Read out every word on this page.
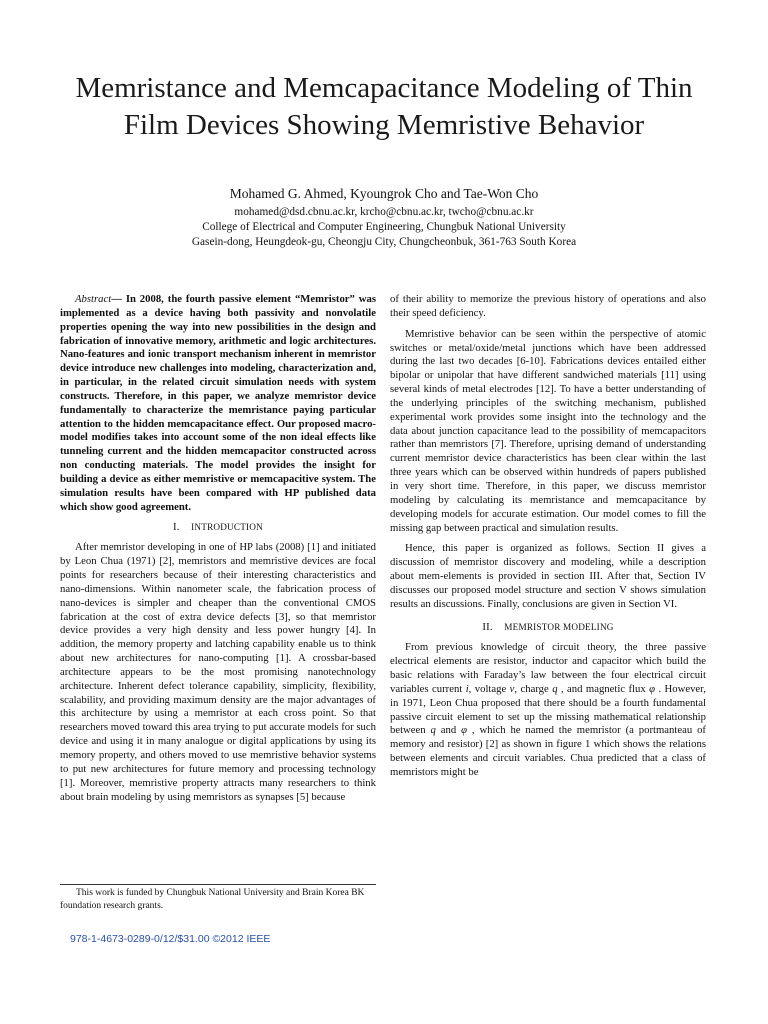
Memristance and Memcapacitance Modeling of Thin
Film Devices Showing Memristive Behavior
Mohamed G. Ahmed, Kyoungrok Cho and Tae-Won Cho
mohamed@dsd.cbnu.ac.kr, krcho@cbnu.ac.kr, twcho@cbnu.ac.kr
College of Electrical and Computer Engineering, Chungbuk National University
Gasein-dong, Heungdeok-gu, Cheongju City, Chungcheonbuk, 361-763 South Korea

Abstract— In 2008, the fourth passive element “Memristor” was implemented as a device having both passivity and nonvolatile properties opening the way into new possibilities in the design and fabrication of innovative memory, arithmetic and logic architectures. Nano-features and ionic transport mechanism inherent in memristor device introduce new challenges into modeling, characterization and, in particular, in the related circuit simulation needs with system constructs. Therefore, in this paper, we analyze memristor device fundamentally to characterize the memristance paying particular attention to the hidden memcapacitance effect. Our proposed macro-model modifies takes into account some of the non ideal effects like tunneling current and the hidden memcapacitor constructed across non conducting materials. The model provides the insight for building a device as either memristive or memcapacitive system. The simulation results have been compared with HP published data which show good agreement.

I. INTRODUCTION

After memristor developing in one of HP labs (2008) [1] and initiated by Leon Chua (1971) [2], memristors and memristive devices are focal points for researchers because of their interesting characteristics and nano-dimensions. Within nanometer scale, the fabrication process of nano-devices is simpler and cheaper than the conventional CMOS fabrication at the cost of extra device defects [3], so that memristor device provides a very high density and less power hungry [4]. In addition, the memory property and latching capability enable us to think about new architectures for nano-computing [1]. A crossbar-based architecture appears to be the most promising nanotechnology architecture. Inherent defect tolerance capability, simplicity, flexibility, scalability, and providing maximum density are the major advantages of this architecture by using a memristor at each cross point. So that researchers moved toward this area trying to put accurate models for such device and using it in many analogue or digital applications by using its memory property, and others moved to use memristive behavior systems to put new architectures for future memory and processing technology [1]. Moreover, memristive property attracts many researchers to think about brain modeling by using memristors as synapses [5] because

of their ability to memorize the previous history of operations and also their speed deficiency.

Memristive behavior can be seen within the perspective of atomic switches or metal/oxide/metal junctions which have been addressed during the last two decades [6-10]. Fabrications devices entailed either bipolar or unipolar that have different sandwiched materials [11] using several kinds of metal electrodes [12]. To have a better understanding of the underlying principles of the switching mechanism, published experimental work provides some insight into the technology and the data about junction capacitance lead to the possibility of memcapacitors rather than memristors [7]. Therefore, uprising demand of understanding current memristor device characteristics has been clear within the last three years which can be observed within hundreds of papers published in very short time. Therefore, in this paper, we discuss memristor modeling by calculating its memristance and memcapacitance by developing models for accurate estimation. Our model comes to fill the missing gap between practical and simulation results.

Hence, this paper is organized as follows. Section II gives a discussion of memristor discovery and modeling, while a description about mem-elements is provided in section III. After that, Section IV discusses our proposed model structure and section V shows simulation results an discussions. Finally, conclusions are given in Section VI.

II. MEMRISTOR MODELING

From previous knowledge of circuit theory, the three passive electrical elements are resistor, inductor and capacitor which build the basic relations with Faraday’s law between the four electrical circuit variables current i, voltage v, charge q , and magnetic flux φ . However, in 1971, Leon Chua proposed that there should be a fourth fundamental passive circuit element to set up the missing mathematical relationship between q and φ , which he named the memristor (a portmanteau of memory and resistor) [2] as shown in figure 1 which shows the relations between elements and circuit variables. Chua predicted that a class of memristors might be

This work is funded by Chungbuk National University and Brain Korea BK foundation research grants.
978-1-4673-0289-0/12/$31.00 ©2012 IEEE
